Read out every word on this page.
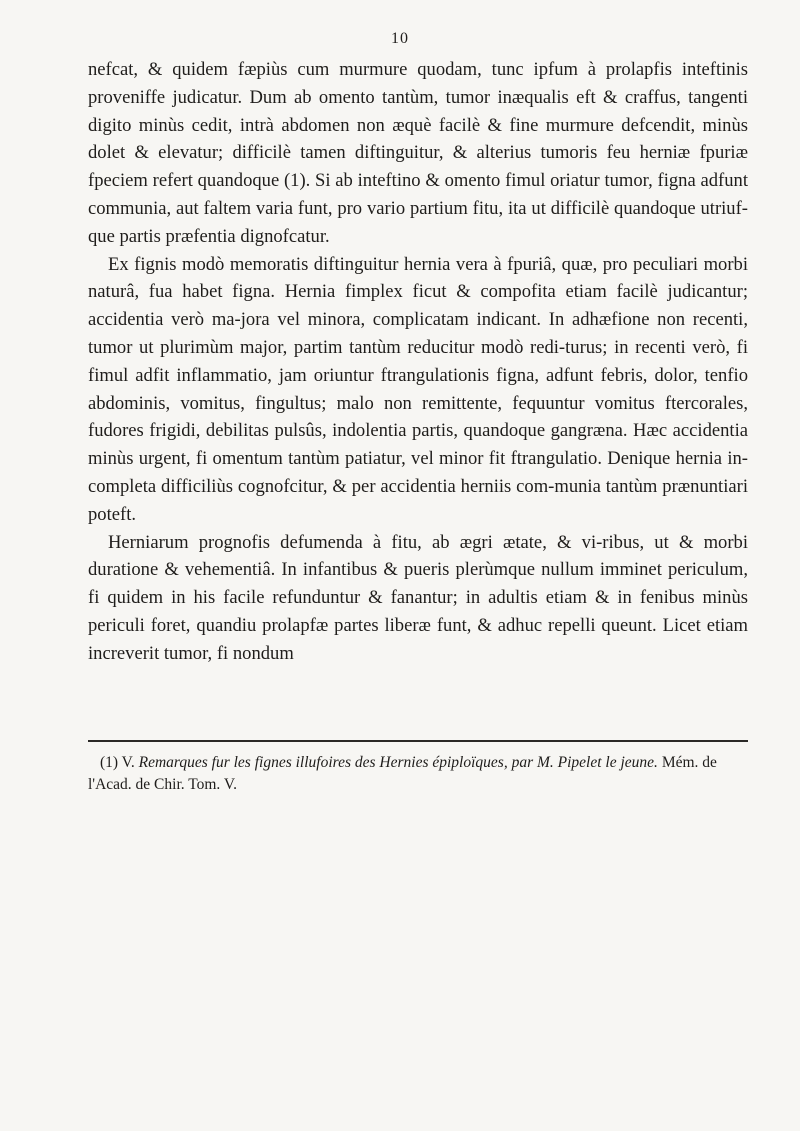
10

nefcat, & quidem fæpiùs cum murmure quodam, tunc ipfum à prolapfis inteftinis proveniffe judicatur. Dum ab omento tantùm, tumor inæqualis eft & craffus, tangenti digito minùs cedit, intrà abdomen non æquè facilè & fine murmure defcendit, minùs dolet & elevatur; difficilè tamen diftinguitur, & alterius tumoris feu herniæ fpuriæ fpeciem refert quandoque (1). Si ab inteftino & omento fimul oriatur tumor, figna adfunt communia, aut faltem varia funt, pro vario partium fitu, ita ut difficilè quandoque utriuf-que partis præfentia dignofcatur.

Ex fignis modò memoratis diftinguitur hernia vera à fpuriâ, quæ, pro peculiari morbi naturâ, fua habet figna. Hernia fimplex ficut & compofita etiam facilè judicantur; accidentia verò ma-jora vel minora, complicatam indicant. In adhæfione non recenti, tumor ut plurimùm major, partim tantùm reducitur modò redi-turus; in recenti verò, fi fimul adfit inflammatio, jam oriuntur ftrangulationis figna, adfunt febris, dolor, tenfio abdominis, vomitus, fingultus; malo non remittente, fequuntur vomitus ftercorales, fudores frigidi, debilitas pulsûs, indolentia partis, quandoque gangræna. Hæc accidentia minùs urgent, fi omentum tantùm patiatur, vel minor fit ftrangulatio. Denique hernia in-completa difficiliùs cognofcitur, & per accidentia herniis com-munia tantùm prænuntiari poteft.

Herniarum prognofis defumenda à fitu, ab ægri ætate, & vi-ribus, ut & morbi duratione & vehementiâ. In infantibus & pueris plerùmque nullum imminet periculum, fi quidem in his facile refunduntur & fanantur; in adultis etiam & in fenibus minùs periculi foret, quandiu prolapfæ partes liberæ funt, & adhuc repelli queunt. Licet etiam increverit tumor, fi nondum

(1) V. Remarques fur les fignes illufoires des Hernies épiploïques, par M. Pipelet le jeune. Mém. de l'Acad. de Chir. Tom. V.
